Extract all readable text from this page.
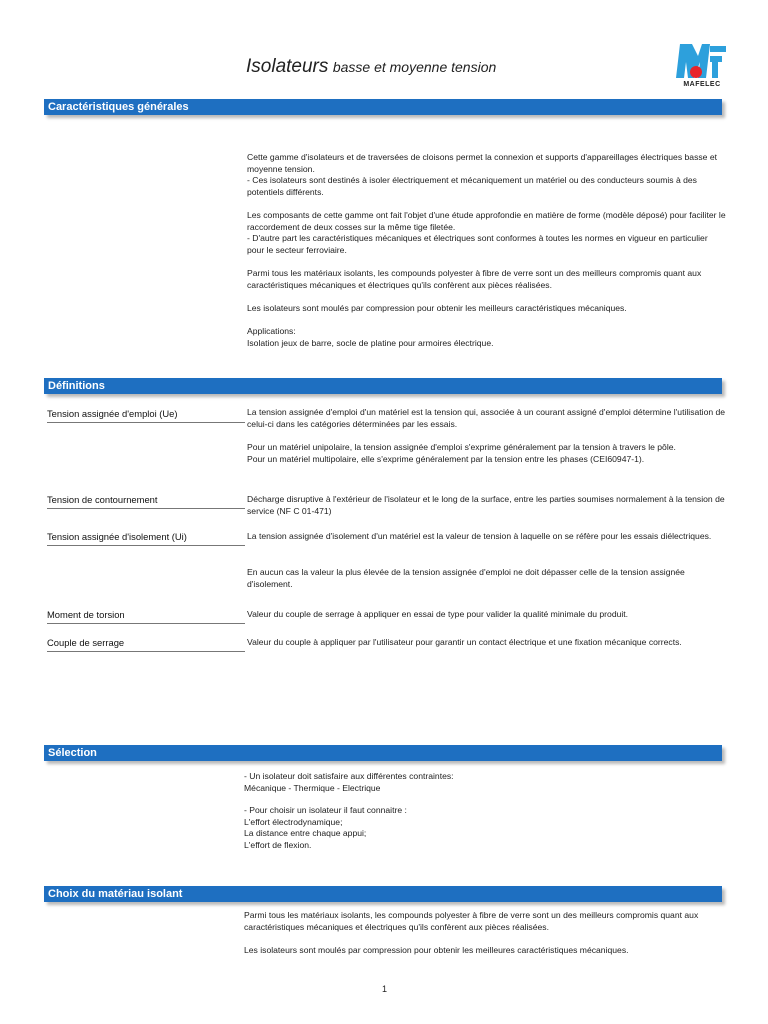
Isolateurs basse et moyenne tension
MAFELEC
Caractéristiques générales

Cette gamme d'isolateurs et de traversées de cloisons permet la connexion et supports d'appareillages électriques basse et moyenne tension.
- Ces isolateurs sont destinés à isoler électriquement et mécaniquement un matériel ou des conducteurs soumis à des potentiels différents.

Les composants de cette gamme ont fait l'objet d'une étude approfondie en matière de forme (modèle déposé) pour faciliter le raccordement de deux cosses sur la même tige filetée.
- D'autre part les caractéristiques mécaniques et électriques sont conformes à toutes les normes en vigueur en particulier pour le secteur ferroviaire.

Parmi tous les matériaux isolants, les compounds polyester à fibre de verre sont un des meilleurs compromis quant aux caractéristiques mécaniques et électriques qu'ils confèrent aux pièces réalisées.

Les isolateurs sont moulés par compression pour obtenir les meilleurs caractéristiques mécaniques.

Applications:
Isolation jeux de barre, socle de platine pour armoires électrique.

Définitions
Tension assignée d'emploi (Ue)	La tension assignée d'emploi d'un matériel est la tension qui, associée à un courant assigné d'emploi détermine l'utilisation de celui-ci dans les catégories déterminées par les essais.

Pour un matériel unipolaire, la tension assignée d'emploi s'exprime généralement par la tension à travers le pôle.
Pour un matériel multipolaire, elle s'exprime généralement par la tension entre les phases (CEI60947-1).

Tension de contournement	Décharge disruptive à l'extérieur de l'isolateur et le long de la surface, entre les parties soumises normalement à la tension de service (NF C 01-471)

Tension assignée d'isolement (Ui)	La tension assignée d'isolement d'un matériel est la valeur de tension à laquelle on se réfère pour les essais diélectriques.

En aucun cas la valeur la plus élevée de la tension assignée d'emploi ne doit dépasser celle de la tension assignée d'isolement.

Moment de torsion	Valeur du couple de serrage à appliquer en essai de type pour valider la qualité minimale du produit.

Couple de serrage	Valeur du couple à appliquer par l'utilisateur pour garantir un contact électrique et une fixation mécanique corrects.

Sélection

- Un isolateur doit satisfaire aux différentes contraintes:
Mécanique - Thermique - Electrique

- Pour choisir un isolateur il faut connaitre :
L'effort électrodynamique;
La distance entre chaque appui;
L'effort de flexion.

Choix du matériau isolant

Parmi tous les matériaux isolants, les compounds polyester à fibre de verre sont un des meilleurs compromis quant aux caractéristiques mécaniques et électriques qu'ils confèrent aux pièces réalisées.

Les isolateurs sont moulés par compression pour obtenir les meilleures caractéristiques mécaniques.

1
